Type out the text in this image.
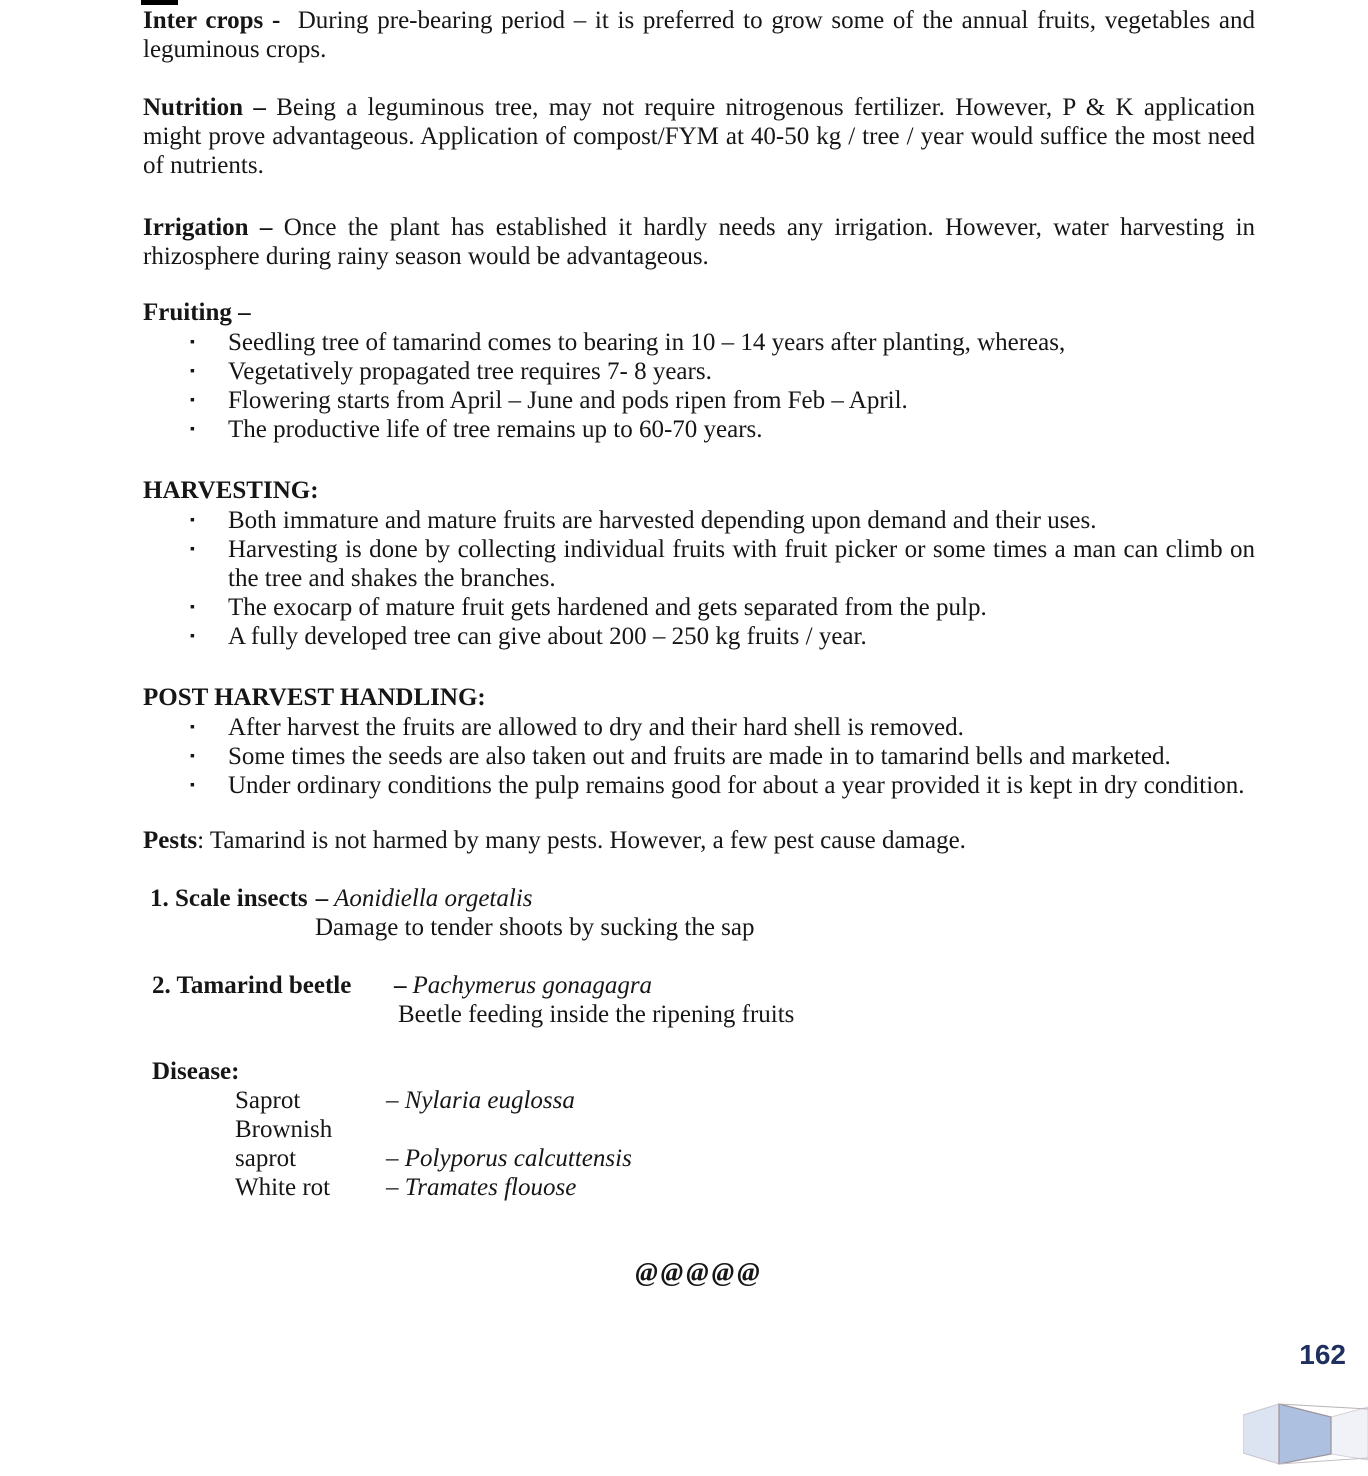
Inter crops - During pre-bearing period – it is preferred to grow some of the annual fruits, vegetables and leguminous crops.
Nutrition – Being a leguminous tree, may not require nitrogenous fertilizer. However, P & K application might prove advantageous. Application of compost/FYM at 40-50 kg / tree / year would suffice the most need of nutrients.
Irrigation – Once the plant has established it hardly needs any irrigation. However, water harvesting in rhizosphere during rainy season would be advantageous.
Fruiting –
▪	Seedling tree of tamarind comes to bearing in 10 – 14 years after planting, whereas,
▪	Vegetatively propagated tree requires 7- 8 years.
▪	Flowering starts from April – June and pods ripen from Feb – April.
▪	The productive life of tree remains up to 60-70 years.
HARVESTING:
▪	Both immature and mature fruits are harvested depending upon demand and their uses.
▪	Harvesting is done by collecting individual fruits with fruit picker or some times a man can climb on the tree and shakes the branches.
▪	The exocarp of mature fruit gets hardened and gets separated from the pulp.
▪	A fully developed tree can give about 200 – 250 kg fruits / year.
POST HARVEST HANDLING:
▪	After harvest the fruits are allowed to dry and their hard shell is removed.
▪	Some times the seeds are also taken out and fruits are made in to tamarind bells and marketed.
▪	Under ordinary conditions the pulp remains good for about a year provided it is kept in dry condition.
Pests: Tamarind is not harmed by many pests. However, a few pest cause damage.
1. Scale insects – Aonidiella orgetalis
Damage to tender shoots by sucking the sap
2. Tamarind beetle – Pachymerus gonagagra
Beetle feeding inside the ripening fruits
Disease:
Saprot	– Nylaria euglossa
Brownish saprot	– Polyporus calcuttensis
White rot – Tramates flouose
@@@@@
162
